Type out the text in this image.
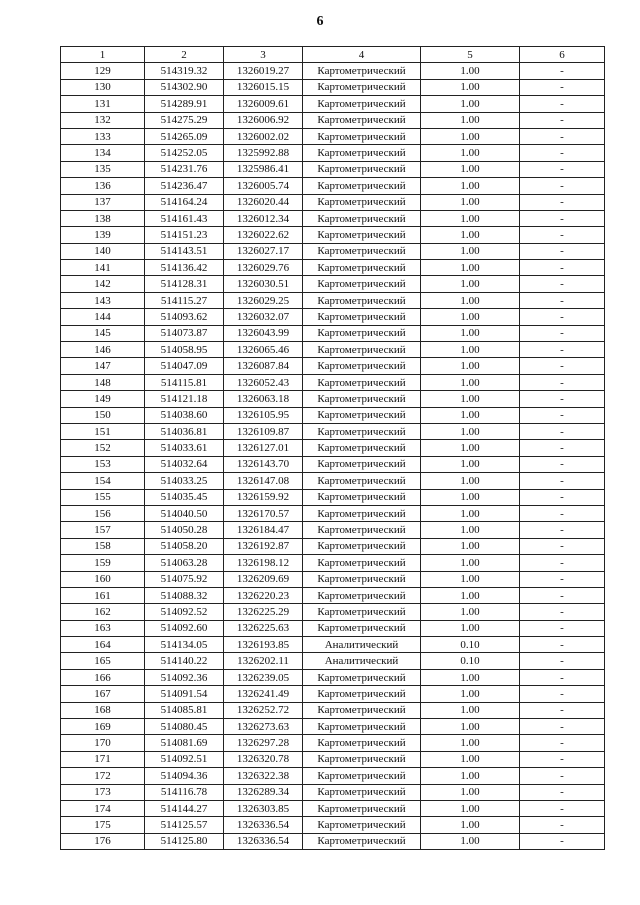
6
1	2	3	4	5	6
129	514319.32	1326019.27	Картометрический	1.00	-
130	514302.90	1326015.15	Картометрический	1.00	-
131	514289.91	1326009.61	Картометрический	1.00	-
132	514275.29	1326006.92	Картометрический	1.00	-
133	514265.09	1326002.02	Картометрический	1.00	-
134	514252.05	1325992.88	Картометрический	1.00	-
135	514231.76	1325986.41	Картометрический	1.00	-
136	514236.47	1326005.74	Картометрический	1.00	-
137	514164.24	1326020.44	Картометрический	1.00	-
138	514161.43	1326012.34	Картометрический	1.00	-
139	514151.23	1326022.62	Картометрический	1.00	-
140	514143.51	1326027.17	Картометрический	1.00	-
141	514136.42	1326029.76	Картометрический	1.00	-
142	514128.31	1326030.51	Картометрический	1.00	-
143	514115.27	1326029.25	Картометрический	1.00	-
144	514093.62	1326032.07	Картометрический	1.00	-
145	514073.87	1326043.99	Картометрический	1.00	-
146	514058.95	1326065.46	Картометрический	1.00	-
147	514047.09	1326087.84	Картометрический	1.00	-
148	514115.81	1326052.43	Картометрический	1.00	-
149	514121.18	1326063.18	Картометрический	1.00	-
150	514038.60	1326105.95	Картометрический	1.00	-
151	514036.81	1326109.87	Картометрический	1.00	-
152	514033.61	1326127.01	Картометрический	1.00	-
153	514032.64	1326143.70	Картометрический	1.00	-
154	514033.25	1326147.08	Картометрический	1.00	-
155	514035.45	1326159.92	Картометрический	1.00	-
156	514040.50	1326170.57	Картометрический	1.00	-
157	514050.28	1326184.47	Картометрический	1.00	-
158	514058.20	1326192.87	Картометрический	1.00	-
159	514063.28	1326198.12	Картометрический	1.00	-
160	514075.92	1326209.69	Картометрический	1.00	-
161	514088.32	1326220.23	Картометрический	1.00	-
162	514092.52	1326225.29	Картометрический	1.00	-
163	514092.60	1326225.63	Картометрический	1.00	-
164	514134.05	1326193.85	Аналитический	0.10	-
165	514140.22	1326202.11	Аналитический	0.10	-
166	514092.36	1326239.05	Картометрический	1.00	-
167	514091.54	1326241.49	Картометрический	1.00	-
168	514085.81	1326252.72	Картометрический	1.00	-
169	514080.45	1326273.63	Картометрический	1.00	-
170	514081.69	1326297.28	Картометрический	1.00	-
171	514092.51	1326320.78	Картометрический	1.00	-
172	514094.36	1326322.38	Картометрический	1.00	-
173	514116.78	1326289.34	Картометрический	1.00	-
174	514144.27	1326303.85	Картометрический	1.00	-
175	514125.57	1326336.54	Картометрический	1.00	-
176	514125.80	1326336.54	Картометрический	1.00	-
